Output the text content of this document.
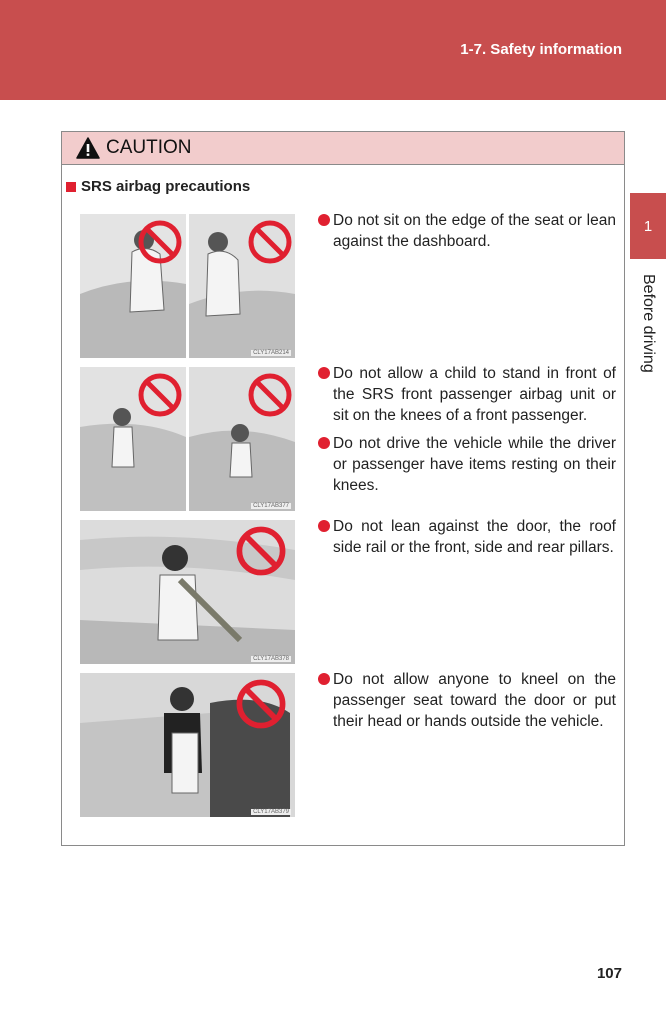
1-7. Safety information
1
Before driving
CAUTION
SRS airbag precautions
CLY17AB214
CLY17AB377
CLY17AB378
CLY17AB379
Do not sit on the edge of the seat or lean against the dashboard.
Do not allow a child to stand in front of the SRS front passenger airbag unit or sit on the knees of a front passenger.
Do not drive the vehicle while the driver or passenger have items resting on their knees.
Do not lean against the door, the roof side rail or the front, side and rear pillars.
Do not allow anyone to kneel on the passenger seat toward the door or put their head or hands outside the vehicle.
107
